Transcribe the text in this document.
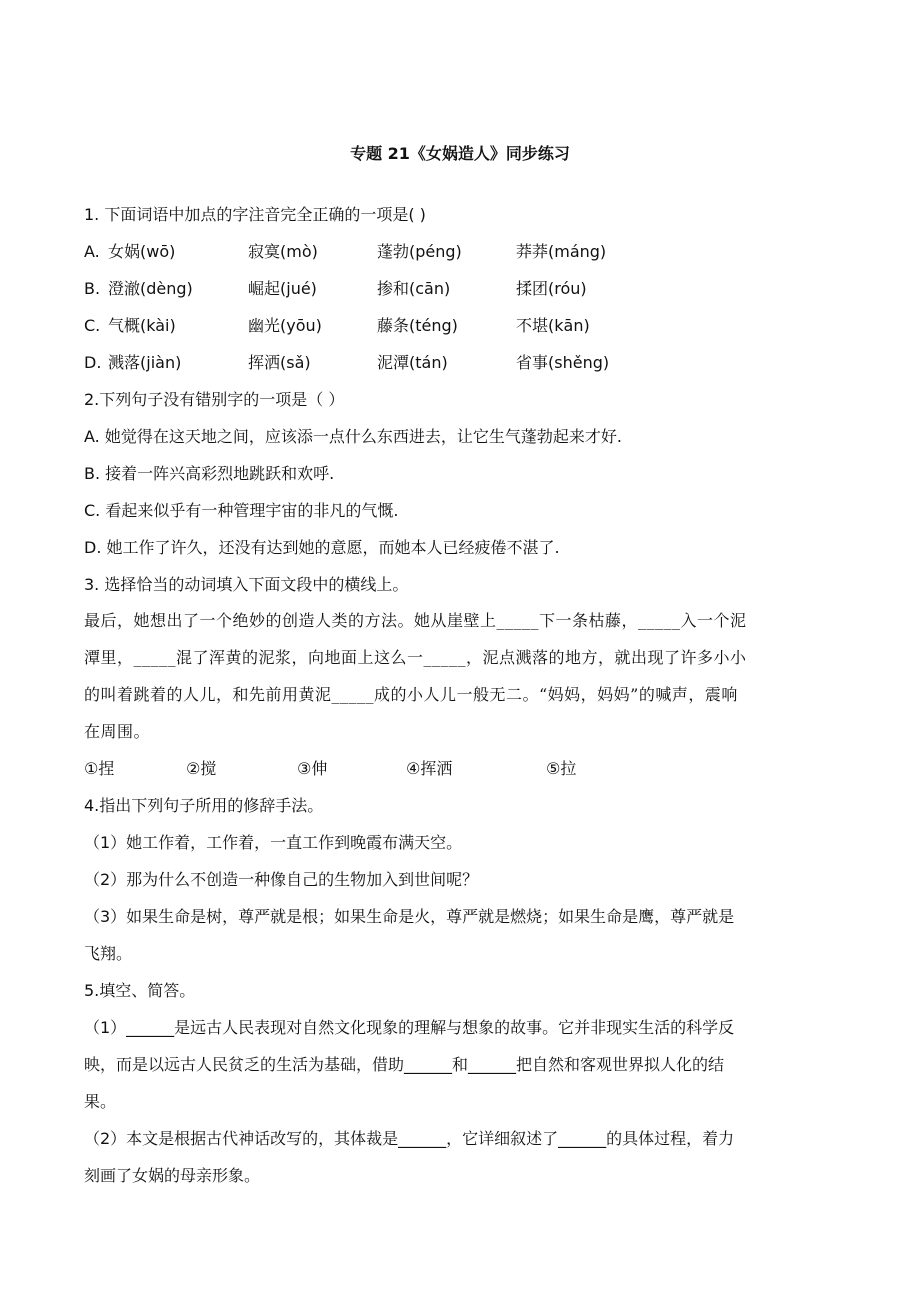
专题 21《女娲造人》同步练习
1. 下面词语中加点的字注音完全正确的一项是( )
A. 女娲(wō)	寂寞(mò)	蓬勃(péng)	莽莽(máng)
B. 澄澈(dèng)	崛起(jué)	掺和(cān)	揉团(róu)
C. 气概(kài)	幽光(yōu)	藤条(téng)	不堪(kān)
D. 溅落(jiàn)	挥洒(sǎ)	泥潭(tán)	省事(shěng)
2.下列句子没有错别字的一项是（ ）
A. 她觉得在这天地之间，应该添一点什么东西进去，让它生气蓬勃起来才好.
B. 接着一阵兴高彩烈地跳跃和欢呼.
C. 看起来似乎有一种管理宇宙的非凡的气慨.
D. 她工作了许久，还没有达到她的意愿，而她本人已经疲倦不湛了.
3. 选择恰当的动词填入下面文段中的横线上。
最后，她想出了一个绝妙的创造人类的方法。她从崖壁上_____下一条枯藤，_____入一个泥
潭里，_____混了浑黄的泥浆，向地面上这么一_____，泥点溅落的地方，就出现了许多小小
的叫着跳着的人儿，和先前用黄泥_____成的小人儿一般无二。“妈妈，妈妈”的喊声，震响
在周围。
①捏	②搅	③伸	④挥洒	⑤拉
4.指出下列句子所用的修辞手法。
（1）她工作着，工作着，一直工作到晚霞布满天空。
（2）那为什么不创造一种像自己的生物加入到世间呢？
（3）如果生命是树，尊严就是根；如果生命是火，尊严就是燃烧；如果生命是鹰，尊严就是
飞翔。
5.填空、简答。
（1）______是远古人民表现对自然文化现象的理解与想象的故事。它并非现实生活的科学反
映，而是以远古人民贫乏的生活为基础，借助______和______把自然和客观世界拟人化的结
果。
（2）本文是根据古代神话改写的，其体裁是______，它详细叙述了______的具体过程，着力
刻画了女娲的母亲形象。
